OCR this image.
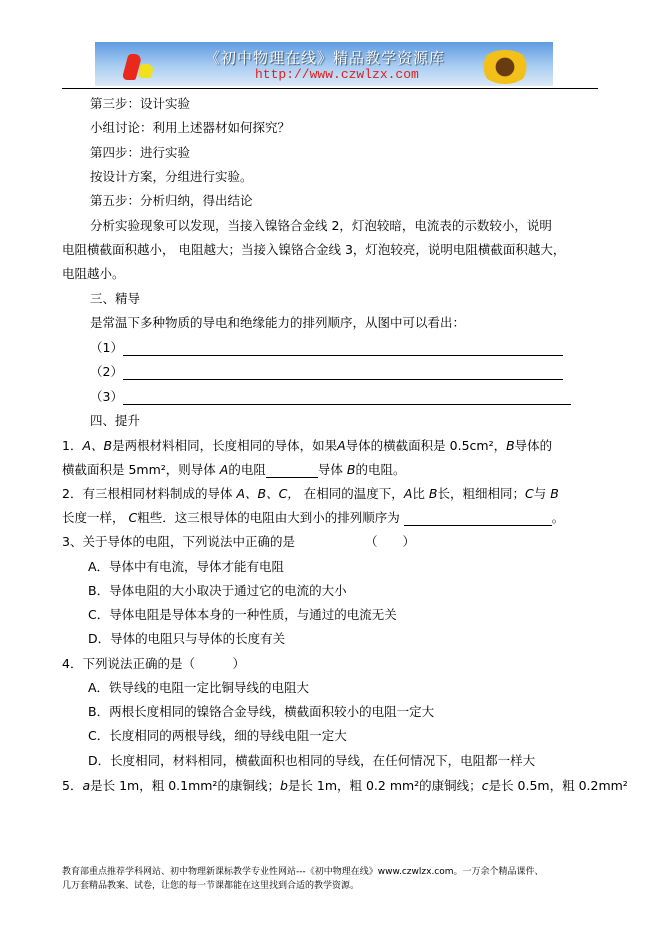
《初中物理在线》精品教学资源库
http://www.czwlzx.com
第三步：设计实验
小组讨论：利用上述器材如何探究？
第四步：进行实验
按设计方案，分组进行实验。
第五步：分析归纳，得出结论
分析实验现象可以发现，当接入镍铬合金线 2，灯泡较暗，电流表的示数较小，说明
电阻横截面积越小， 电阻越大；当接入镍铬合金线 3，灯泡较亮，说明电阻横截面积越大，
电阻越小。
三、精导
是常温下多种物质的导电和绝缘能力的排列顺序，从图中可以看出：
（1）
（2）
（3）
四、提升
1．A、B是两根材料相同，长度相同的导体，如果A导体的横截面积是 0.5cm²，B导体的
横截面积是 5mm²，则导体 A的电阻	导体 B的电阻。
2．有三根相同材料制成的导体 A、B、C， 在相同的温度下，A比 B长，粗细相同；C与 B
长度一样， C粗些．这三根导体的电阻由大到小的排列顺序为	。
3、关于导体的电阻，下列说法中正确的是	（　　）
A．导体中有电流，导体才能有电阻
B．导体电阻的大小取决于通过它的电流的大小
C．导体电阻是导体本身的一种性质，与通过的电流无关
D．导体的电阻只与导体的长度有关
4．下列说法正确的是（　　　）
A．铁导线的电阻一定比铜导线的电阻大
B．两根长度相同的镍铬合金导线，横截面积较小的电阻一定大
C．长度相同的两根导线，细的导线电阻一定大
D．长度相同，材料相同，横截面积也相同的导线，在任何情况下，电阻都一样大
5．a是长 1m，粗 0.1mm²的康铜线；b是长 1m，粗 0.2 mm²的康铜线；c是长 0.5m，粗 0.2mm²
教育部重点推荐学科网站、初中物理新课标教学专业性网站---《初中物理在线》www.czwlzx.com。一万余个精品课件、
几万套精品教案、试卷，让您的每一节课都能在这里找到合适的教学资源。
